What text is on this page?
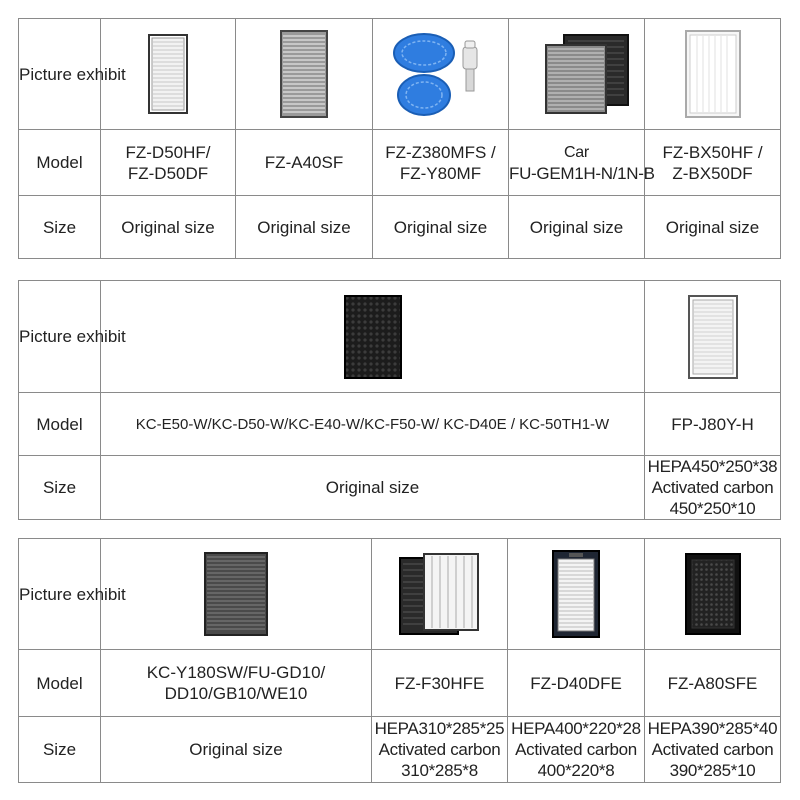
Picture exhibit

Model	FZ-D50HF/
FZ-D50DF	FZ-A40SF	FZ-Z380MFS /
FZ-Y80MF	Car
FU-GEM1H-N/1N-B	FZ-BX50HF /
Z-BX50DF

Size	Original size	Original size	Original size	Original size	Original size
Picture exhibit

Model	KC-E50-W/KC-D50-W/KC-E40-W/KC-F50-W/ KC-D40E / KC-50TH1-W	FP-J80Y-H
Size	Original size	HEPA450*250*38
Activated carbon
450*250*10
Picture exhibit

Model	KC-Y180SW/FU-GD10/
DD10/GB10/WE10	FZ-F30HFE	FZ-D40DFE	FZ-A80SFE
Size	Original size	HEPA310*285*25
Activated carbon
310*285*8	HEPA400*220*28
Activated carbon
400*220*8	HEPA390*285*40
Activated carbon
390*285*10
